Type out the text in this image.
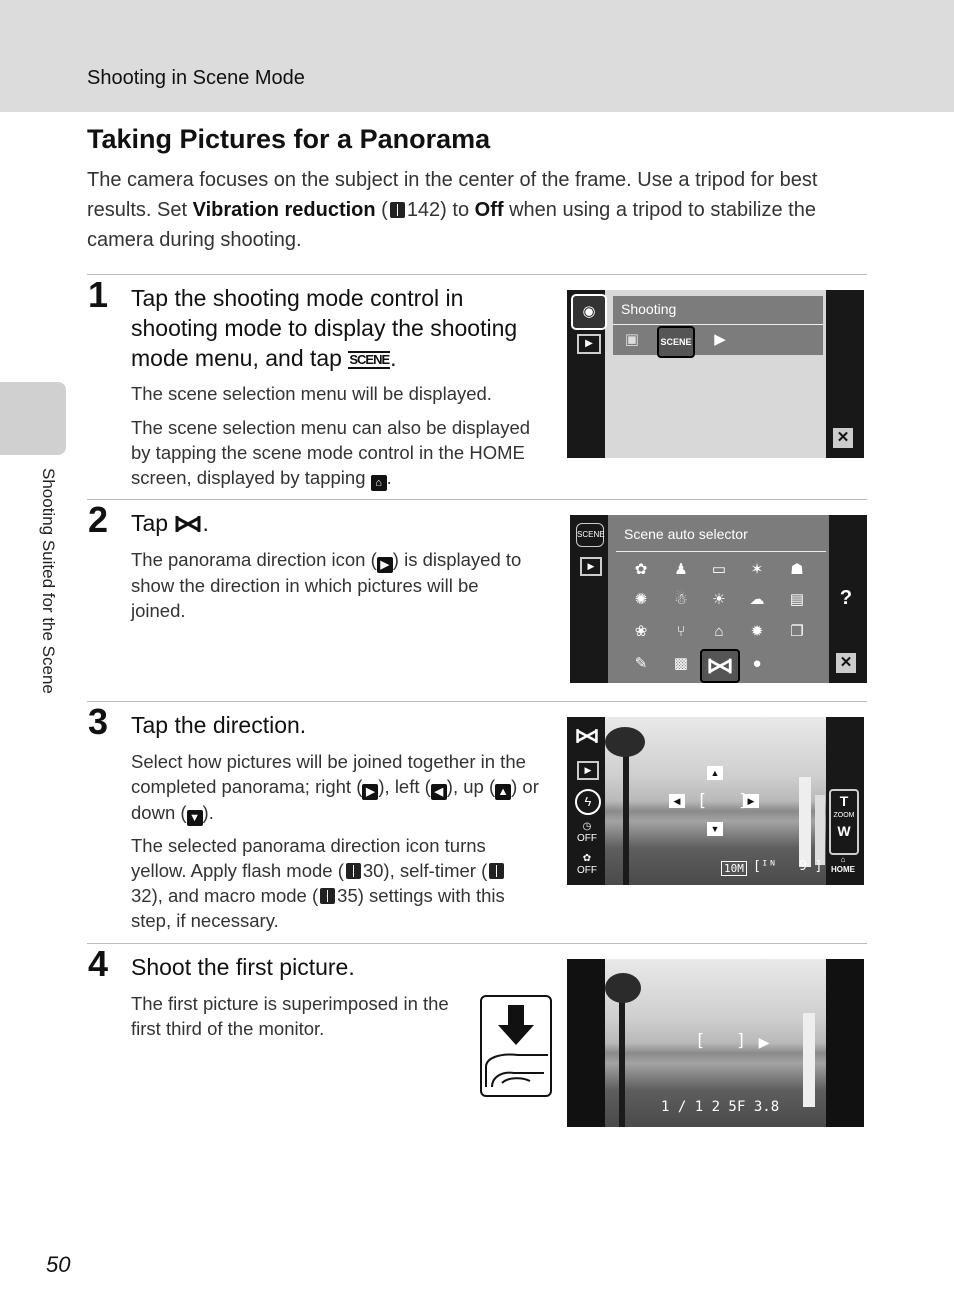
Shooting in Scene Mode
Shooting Suited for the Scene
Taking Pictures for a Panorama
The camera focuses on the subject in the center of the frame. Use a tripod for best results. Set Vibration reduction ( 142) to Off when using a tripod to stabilize the camera during shooting.
1 Tap the shooting mode control in shooting mode to display the shooting mode menu, and tap SCENE.
The scene selection menu will be displayed.
The scene selection menu can also be displayed by tapping the scene mode control in the HOME screen, displayed by tapping ⌂ .
◉
▶
Shooting
▣	SCENE	▶
✕
2 Tap .
The panorama direction icon ( ▶ ) is displayed to show the direction in which pictures will be joined.
SCENE
▶
Scene auto selector
✿	♟	▭	✶	☗
✺	☃	☀	☁	▤
❀	⑂	⌂	✹	❐
✎	▩	●
?
✕
3 Tap the direction.
Select how pictures will be joined together in the completed panorama; right ( ▶ ), left ( ◀ ), up ( ▲ ) or down ( ▼ ).
The selected panorama direction icon turns yellow. Apply flash mode ( 30), self-timer (32), and macro mode ( 35) settings with this step, if necessary.
▶
ϟ
◷
OFF
✿
OFF
▲
◀	▶
▼
[   ]	T
ZOOM
W
⌂
HOME
10M [ᴵᴺ 9 ]
4 Shoot the first picture.
The first picture is superimposed in the first third of the monitor.
[   ] ▶
1 / 1 2 5 F 3.8
50
